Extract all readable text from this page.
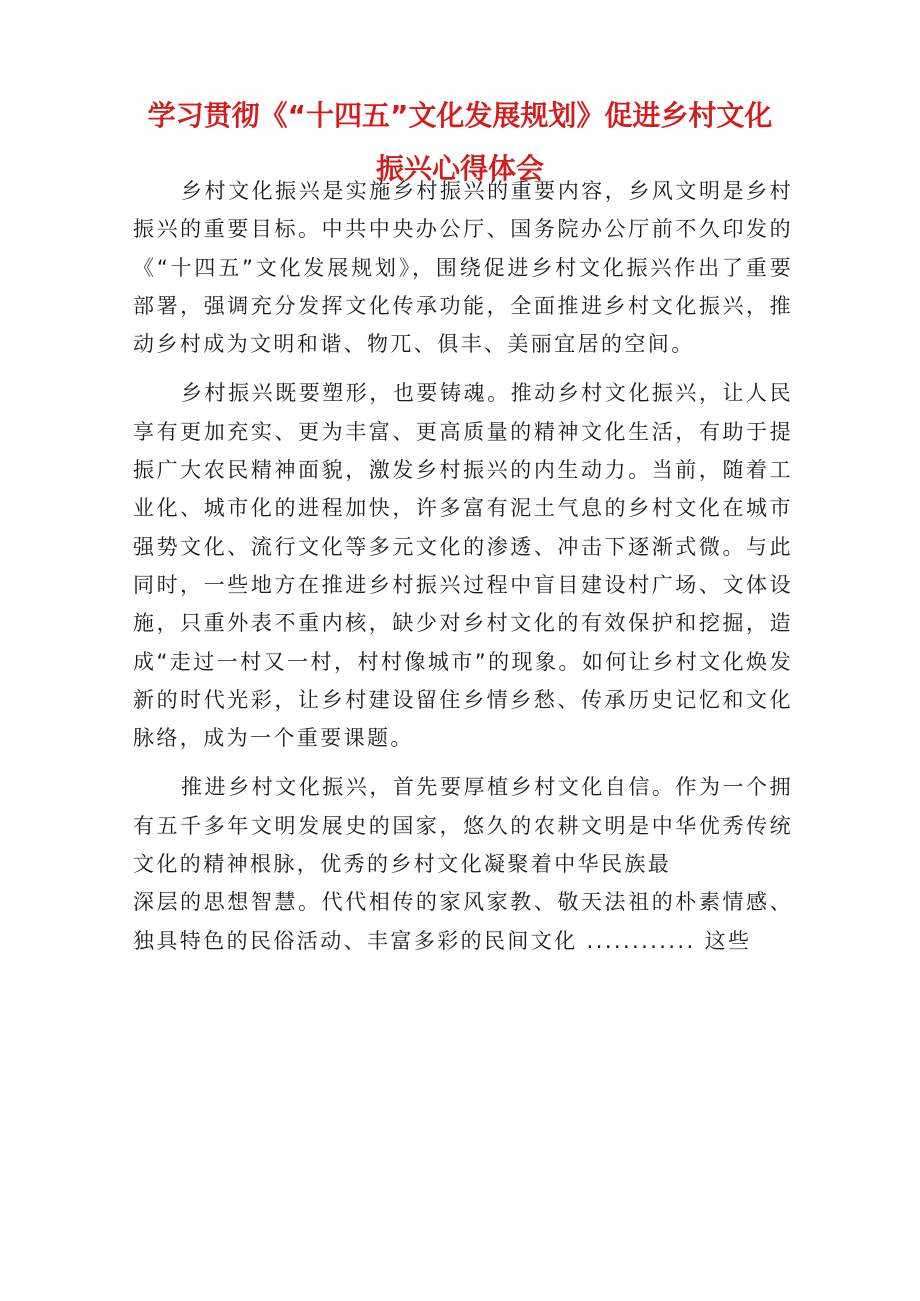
学习贯彻《“十四五”文化发展规划》促进乡村文化
振兴心得体会

乡村文化振兴是实施乡村振兴的重要内容，乡风文明是乡村振兴的重要目标。中共中央办公厅、国务院办公厅前不久印发的《“十四五”文化发展规划》，围绕促进乡村文化振兴作出了重要部署，强调充分发挥文化传承功能，全面推进乡村文化振兴，推动乡村成为文明和谐、物兀、俱丰、美丽宜居的空间。

乡村振兴既要塑形，也要铸魂。推动乡村文化振兴，让人民享有更加充实、更为丰富、更高质量的精神文化生活，有助于提振广大农民精神面貌，激发乡村振兴的内生动力。当前，随着工业化、城市化的进程加快，许多富有泥土气息的乡村文化在城市强势文化、流行文化等多元文化的渗透、冲击下逐渐式微。与此同时，一些地方在推进乡村振兴过程中盲目建设村广场、文体设施，只重外表不重内核，缺少对乡村文化的有效保护和挖掘，造成“走过一村又一村，村村像城市”的现象。如何让乡村文化焕发新的时代光彩，让乡村建设留住乡情乡愁、传承历史记忆和文化脉络，成为一个重要课题。

推进乡村文化振兴，首先要厚植乡村文化自信。作为一个拥有五千多年文明发展史的国家，悠久的农耕文明是中华优秀传统文化的精神根脉，优秀的乡村文化凝聚着中华民族最

深层的思想智慧。代代相传的家风家教、敬天法祖的朴素情感、独具特色的民俗活动、丰富多彩的民间文化 ............ 这些
